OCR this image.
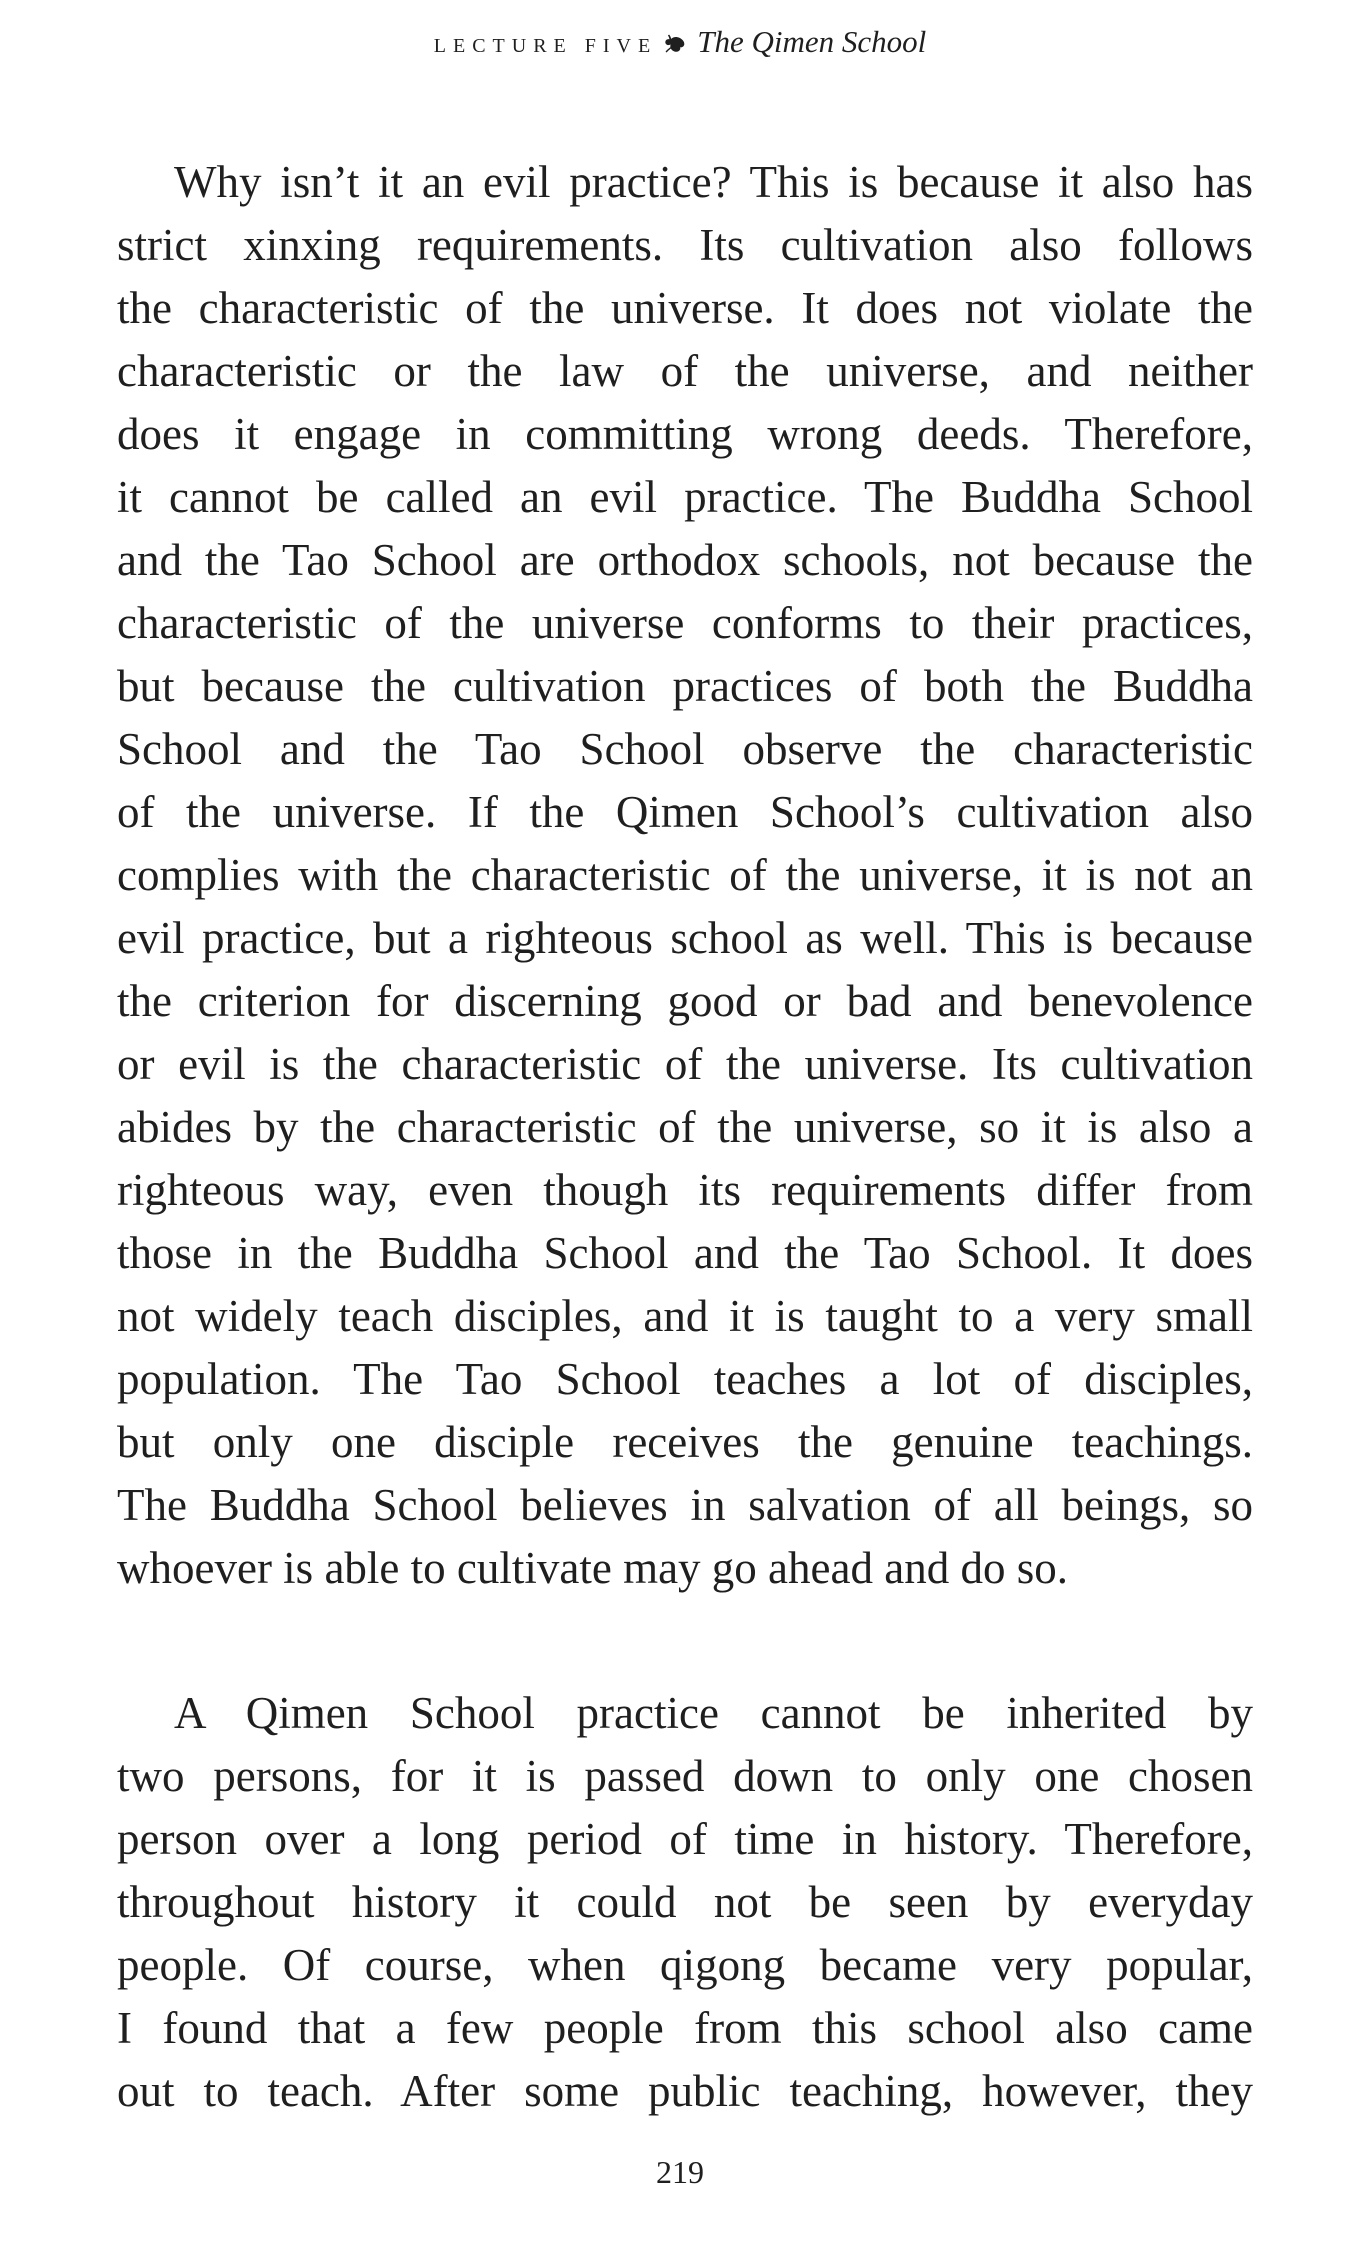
LECTURE FIVE The Qimen School
Why isn’t it an evil practice? This is because it also has
strict xinxing requirements. Its cultivation also follows
the characteristic of the universe. It does not violate the
characteristic or the law of the universe, and neither
does it engage in committing wrong deeds. Therefore,
it cannot be called an evil practice. The Buddha School
and the Tao School are orthodox schools, not because the
characteristic of the universe conforms to their practices,
but because the cultivation practices of both the Buddha
School and the Tao School observe the characteristic
of the universe. If the Qimen School’s cultivation also
complies with the characteristic of the universe, it is not an
evil practice, but a righteous school as well. This is because
the criterion for discerning good or bad and benevolence
or evil is the characteristic of the universe. Its cultivation
abides by the characteristic of the universe, so it is also a
righteous way, even though its requirements differ from
those in the Buddha School and the Tao School. It does
not widely teach disciples, and it is taught to a very small
population. The Tao School teaches a lot of disciples,
but only one disciple receives the genuine teachings.
The Buddha School believes in salvation of all beings, so
whoever is able to cultivate may go ahead and do so.
A Qimen School practice cannot be inherited by
two persons, for it is passed down to only one chosen
person over a long period of time in history. Therefore,
throughout history it could not be seen by everyday
people. Of course, when qigong became very popular,
I found that a few people from this school also came
out to teach. After some public teaching, however, they
219
